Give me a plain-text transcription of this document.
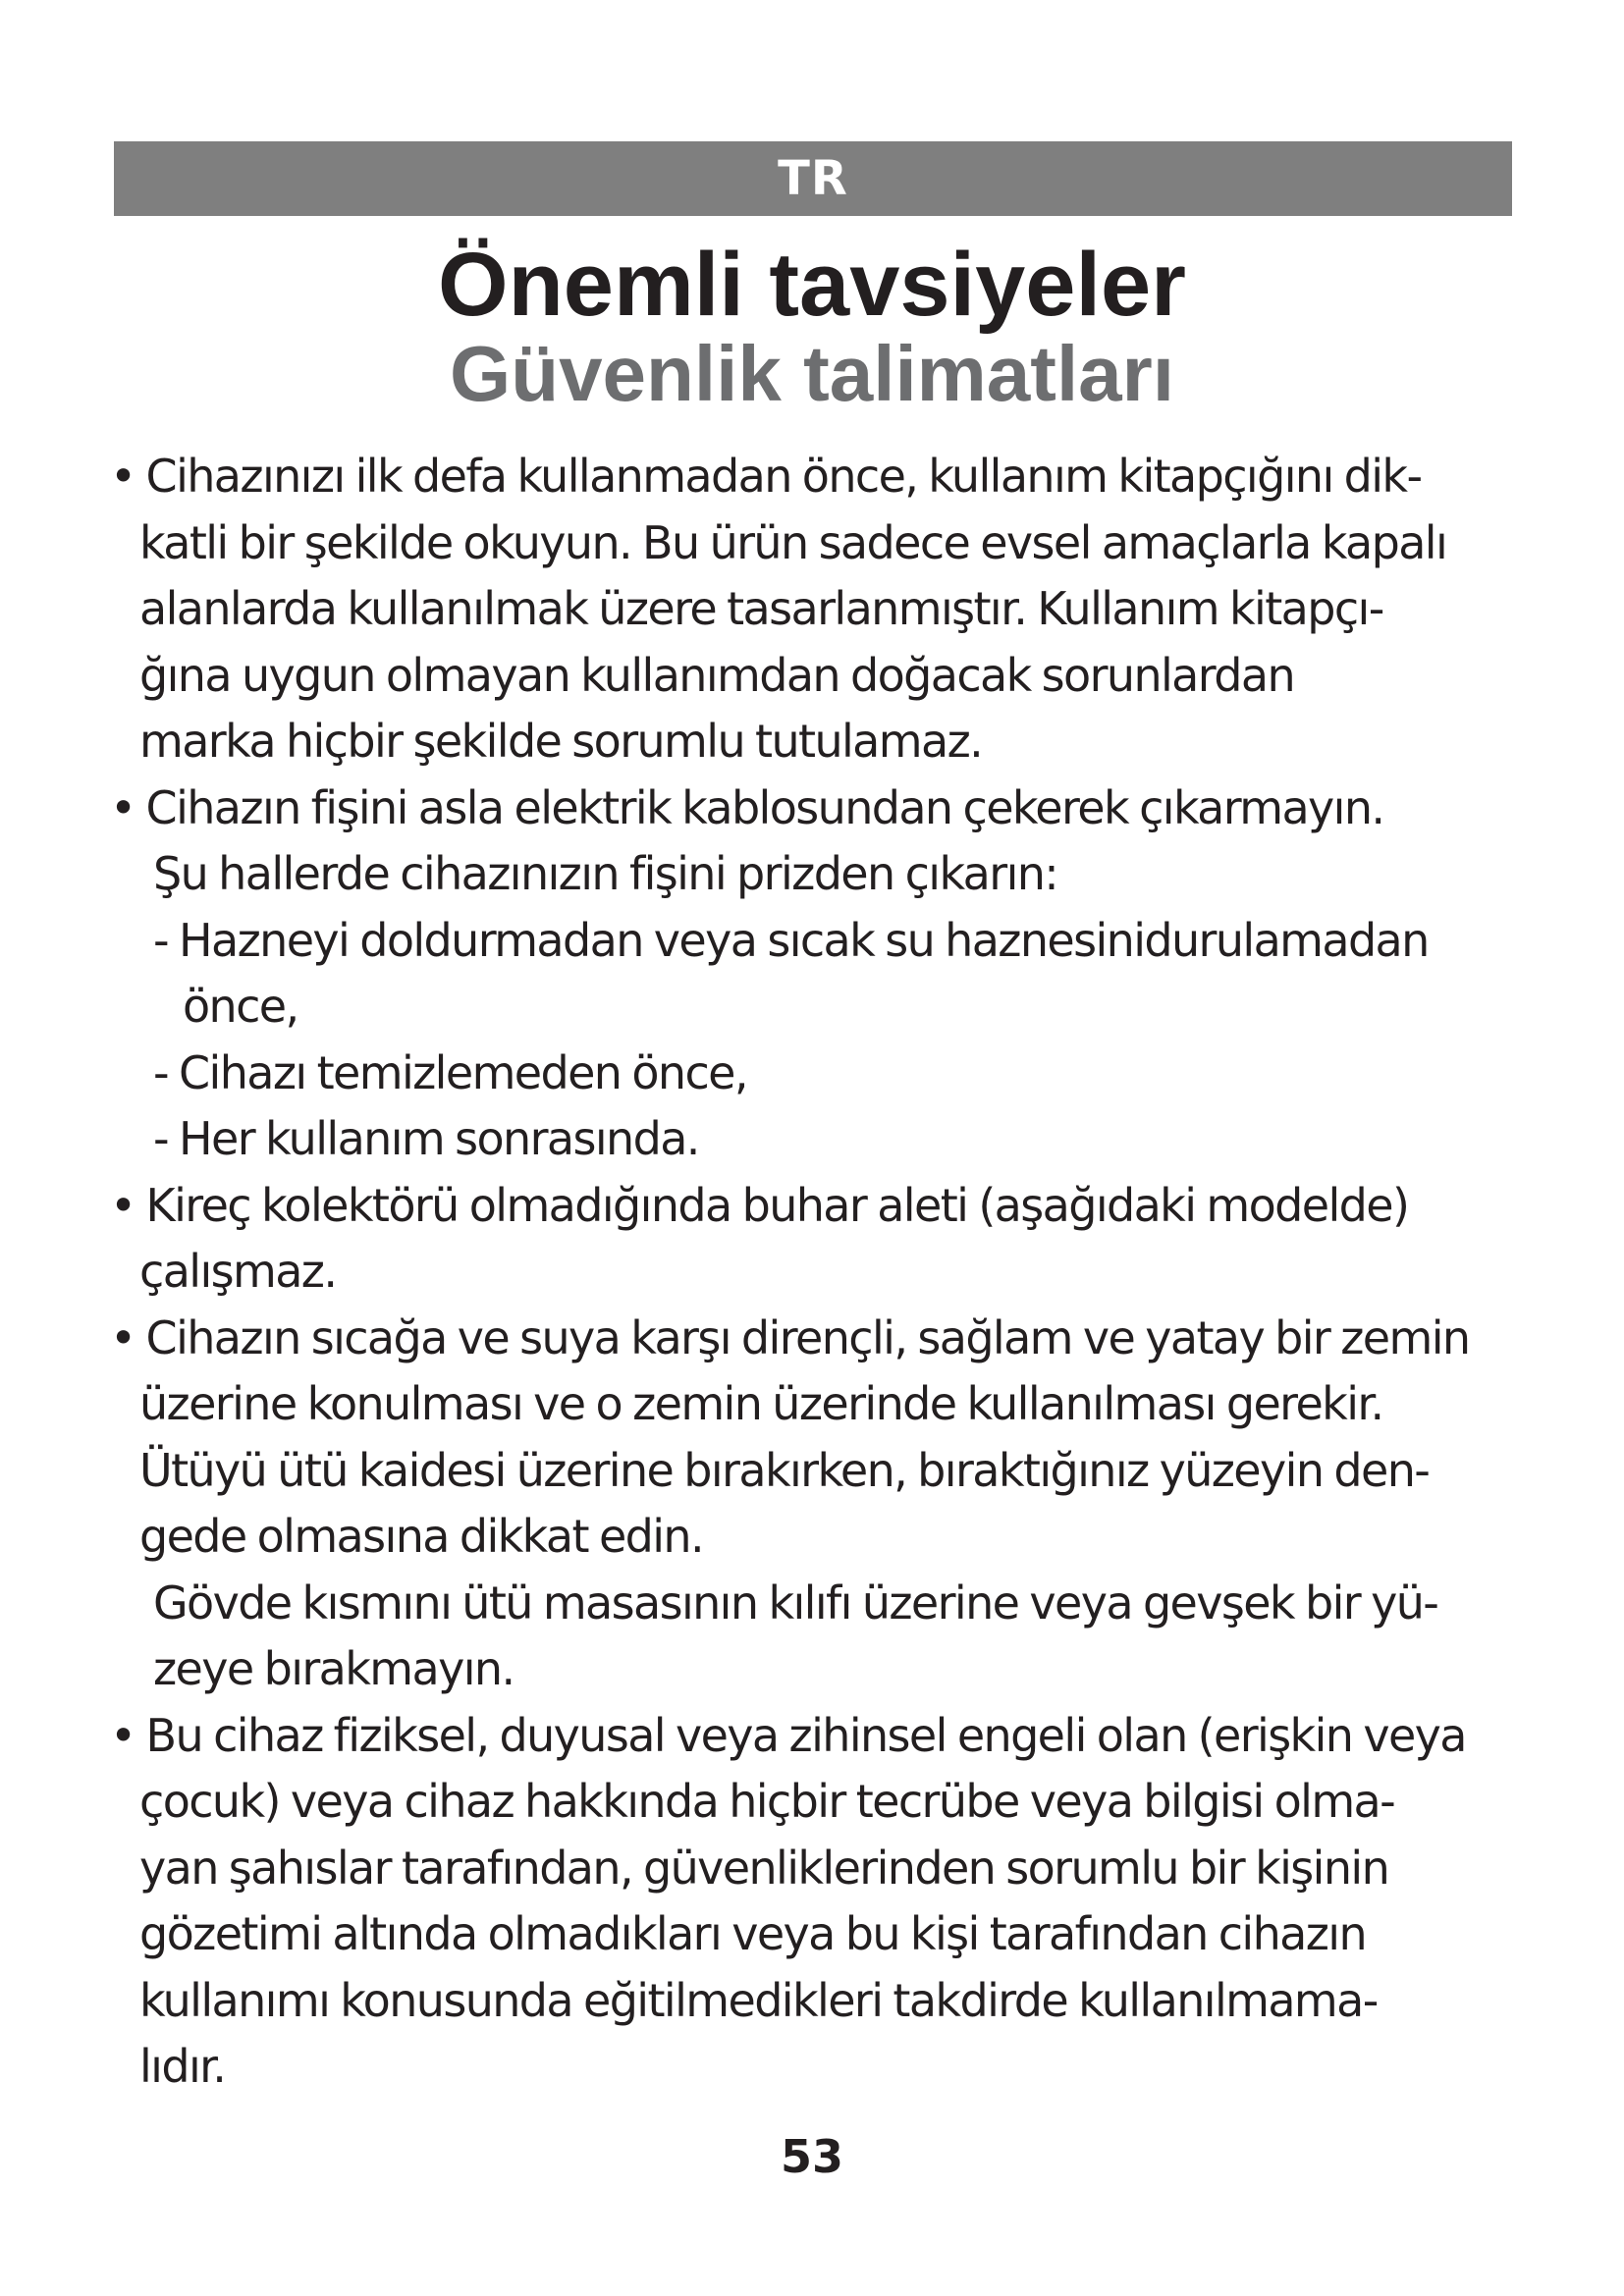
TR
Önemli tavsiyeler
Güvenlik talimatları
• Cihazınızı ilk defa kullanmadan önce, kullanım kitapçığını dik-
katli bir şekilde okuyun. Bu ürün sadece evsel amaçlarla kapalı
alanlarda kullanılmak üzere tasarlanmıştır. Kullanım kitapçı-
ğına uygun olmayan kullanımdan doğacak sorunlardan
marka hiçbir şekilde sorumlu tutulamaz.
• Cihazın fişini asla elektrik kablosundan çekerek çıkarmayın.
Şu hallerde cihazınızın fişini prizden çıkarın:
- Hazneyi doldurmadan veya sıcak su haznesinidurulamadan
önce,
- Cihazı temizlemeden önce,
- Her kullanım sonrasında.
• Kireç kolektörü olmadığında buhar aleti (aşağıdaki modelde)
çalışmaz.
• Cihazın sıcağa ve suya karşı dirençli, sağlam ve yatay bir zemin
üzerine konulması ve o zemin üzerinde kullanılması gerekir.
Ütüyü ütü kaidesi üzerine bırakırken, bıraktığınız yüzeyin den-
gede olmasına dikkat edin.
Gövde kısmını ütü masasının kılıfı üzerine veya gevşek bir yü-
zeye bırakmayın.
• Bu cihaz fiziksel, duyusal veya zihinsel engeli olan (erişkin veya
çocuk) veya cihaz hakkında hiçbir tecrübe veya bilgisi olma-
yan şahıslar tarafından, güvenliklerinden sorumlu bir kişinin
gözetimi altında olmadıkları veya bu kişi tarafından cihazın
kullanımı konusunda eğitilmedikleri takdirde kullanılmama-
lıdır.
53
